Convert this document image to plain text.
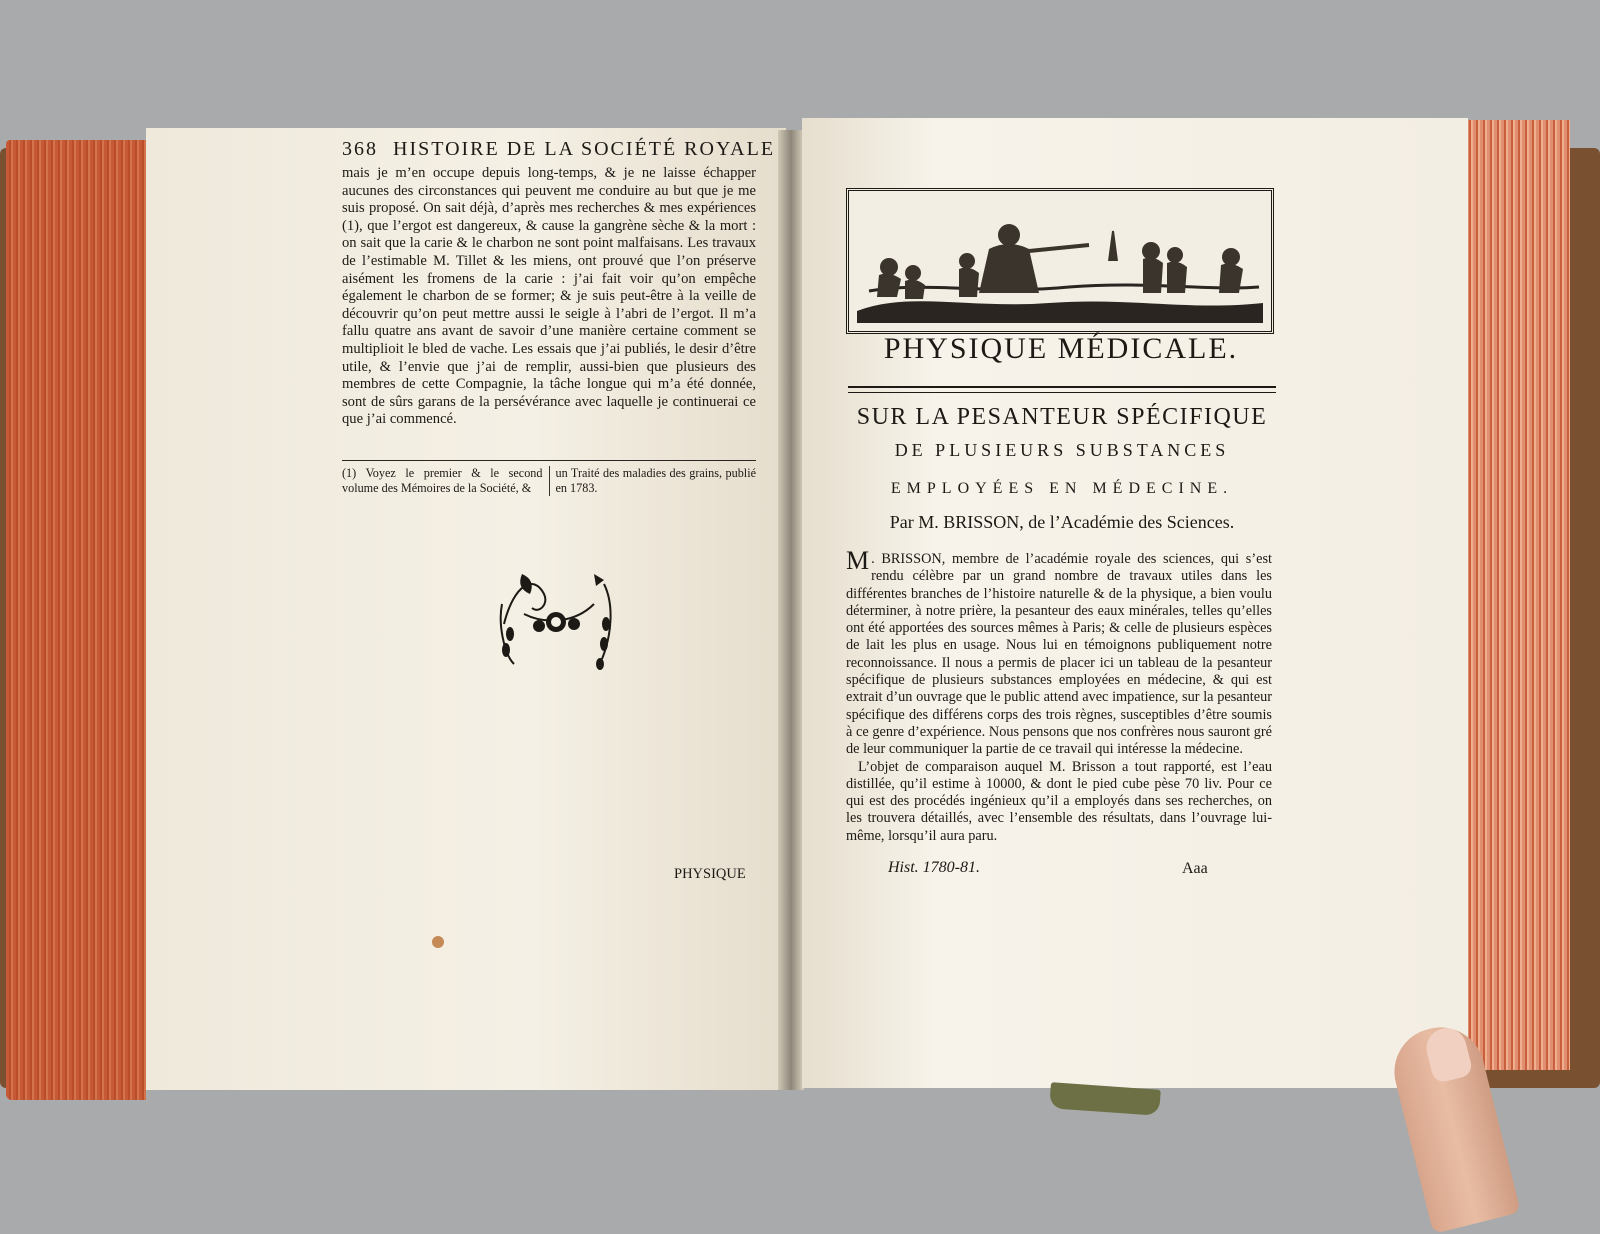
368 HISTOIRE DE LA SOCIÉTÉ ROYALE
mais je m’en occupe depuis long-temps, & je ne laisse échapper aucunes des circonstances qui peuvent me conduire au but que je me suis proposé. On sait déjà, d’après mes recherches & mes expériences (1), que l’ergot est dangereux, & cause la gangrène sèche & la mort : on sait que la carie & le charbon ne sont point malfaisans. Les travaux de l’estimable M. Tillet & les miens, ont prouvé que l’on préserve aisément les fromens de la carie : j’ai fait voir qu’on empêche également le charbon de se former; & je suis peut-être à la veille de découvrir qu’on peut mettre aussi le seigle à l’abri de l’ergot. Il m’a fallu quatre ans avant de savoir d’une manière certaine comment se multiplioit le bled de vache. Les essais que j’ai publiés, le desir d’être utile, & l’envie que j’ai de remplir, aussi-bien que plusieurs des membres de cette Compagnie, la tâche longue qui m’a été donnée, sont de sûrs garans de la persévérance avec laquelle je continuerai ce que j’ai commencé.
(1) Voyez le premier & le second volume des Mémoires de la Société, &
un Traité des maladies des grains, publié en 1783.
PHYSIQUE
PHYSIQUE MÉDICALE.
SUR LA PESANTEUR SPÉCIFIQUE
DE PLUSIEURS SUBSTANCES
EMPLOYÉES EN MÉDECINE.
Par M. BRISSON, de l’Académie des Sciences.

M . BRISSON, membre de l’académie royale des sciences, qui s’est rendu célèbre par un grand nombre de travaux utiles dans les différentes branches de l’histoire naturelle & de la physique, a bien voulu déterminer, à notre prière, la pesanteur des eaux minérales, telles qu’elles ont été apportées des sources mêmes à Paris; & celle de plusieurs espèces de lait les plus en usage. Nous lui en témoignons publiquement notre reconnoissance. Il nous a permis de placer ici un tableau de la pesanteur spécifique de plusieurs substances employées en médecine, & qui est extrait d’un ouvrage que le public attend avec impatience, sur la pesanteur spécifique des différens corps des trois règnes, susceptibles d’être soumis à ce genre d’expérience. Nous pensons que nos confrères nous sauront gré de leur communiquer la partie de ce travail qui intéresse la médecine.

L’objet de comparaison auquel M. Brisson a tout rapporté, est l’eau distillée, qu’il estime à 10000, & dont le pied cube pèse 70 liv. Pour ce qui est des procédés ingénieux qu’il a employés dans ses recherches, on les trouvera détaillés, avec l’ensemble des résultats, dans l’ouvrage lui-même, lorsqu’il aura paru.

Hist. 1780-81.	Aaa
